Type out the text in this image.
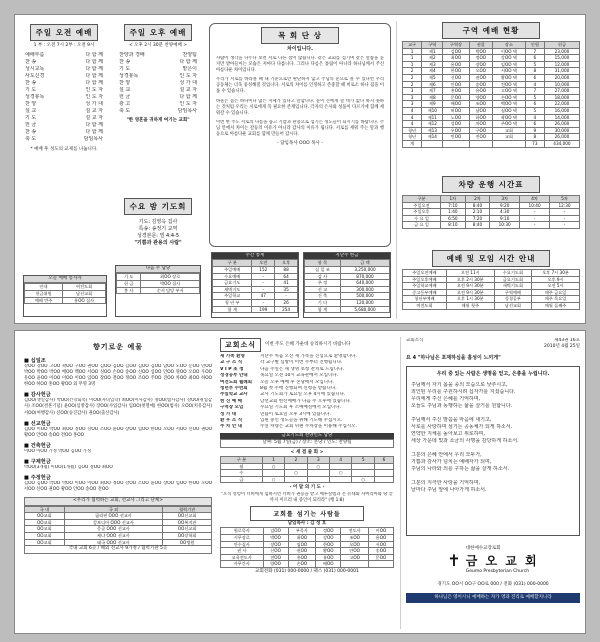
주일 오전 예배
1 부 : 오전 7시 2부 : 오전 9시
예배부름	다 함 께
찬 송	다 함 께
성시교독	다 함 께
사도신경	다 함 께
찬 송	다 함 께
기 도	인 도 자
성경봉독	인 도 자
찬 양	성 가 대
설 교	설 교 자
기 도	설 교 자
헌 금	다 함 께
찬 송	다 함 께
축 도	담임목사
* 예배 후 성도의 교제를 나눕니다.
주일 오후 예배
< 오후 2시 30분 찬양예배 >
찬양과 경배	찬양팀
찬 송	다 함 께
기 도	맡은이
성경봉독	인 도 자
찬 양	성 가 대
설 교	설 교 자
헌 금	다 함 께
광 고	인 도 자
축 도	담임목사
"한 영혼을 귀하게 여기는 교회"
수요 밤 기도회
기도: 김영옥 집사
특송: 송정기 교역
성경본문: 빌 4:4-5
"기쁨과 관용의 사람"
오늘 예배 봉사자
안내	여전도회
헌금위원	남선교회
예배 반주	홍OO 집사
다음 주 담당
기 도	최OO 장로
헌 금	박OO 집사
봉 사	순서 담당 부서
목 회 단 상
차이입니다.

사람이 생각을 나누다 보면 서로 다른 점이 많습니다. 같은 교회를 섬기며 같은 말씀을 듣지만 받아들이는 모습은 저마다 다릅니다. 그러나 다름은 틀림이 아니라 하나님께서 주신 아름다운 차이입니다.

우리가 서로를 바라볼 때 내 기준으로만 판단하지 않고 주님의 눈으로 볼 수 있다면 우리 공동체는 더욱 풍성해질 것입니다. 서로의 차이를 인정하고 존중할 때 비로소 하나 됨을 이룰 수 있습니다.

바울은 몸은 하나이나 많은 지체가 있다고 말합니다. 눈이 손에게 쓸 데가 없다 하지 못하는 것처럼 우리는 서로에게 꼭 필요한 존재입니다. 각자의 은사와 성품이 다르기에 함께 세워갈 수 있습니다.

이번 한 주도 서로의 다름을 품고 기쁨과 관용으로 섬기는 성도들이 되시기를 바랍니다. 주님 안에서 차이는 갈등의 이유가 아니라 감사의 이유가 됩니다. 서로를 세워 주는 말과 행동으로 아름다운 교회를 함께 만들어 갑시다.

- 담임목사 OOO 목사 -
주간 통계
구 분	오전	오후
주일예배	152	88
수요예배	-	64
금요기도	-	41
새벽기도	-	35
주일학교	47	-
청 년 부	-	26
합 계	199	254
지난주 헌금
항 목	금 액
십 일 조	3,250,000
감 사	870,000
주 정	640,000
선 교	300,000
건 축	500,000
기 타	120,000
합 계	5,680,000
구역 예배 현황
교구	구역	구역장	권찰	장소	인원	헌금
1	제1	김OO	박OO	이OO 댁	7	23,000
1	제2	최OO	정OO	강OO 댁	6	15,000
1	제3	윤OO	장OO	임OO 댁	5	12,000
2	제4	한OO	오OO	서OO 댁	8	31,000
2	제5	신OO	권OO	황OO 댁	6	20,000
2	제6	안OO	송OO	전OO 댁	4	10,000
3	제7	홍OO	유OO	고OO 댁	7	27,000
3	제8	문OO	양OO	손OO 댁	5	18,000
3	제9	배OO	조OO	백OO 댁	6	22,000
4	제10	허OO	남OO	심OO 댁	5	16,000
4	제11	노OO	하OO	곽OO 댁	4	14,000
4	제12	성OO	차OO	주OO 댁	6	26,000
청년	제13	우OO	구OO	교회	9	30,000
청년	제14	민OO	진OO	교회	8	26,000
계					73	434,000
차량 운행 시간표
구분	1차	2차	3차	4차	5차
주일오전	7:10	8:40	9:20	10:40	12:30
주일오후	1:40	2:10	4:30	-	-
수 요 일	6:50	7:20	9:10	-	-
금 요 일	8:10	8:40	10:30	-	-
예배 및 모임 시간 안내
주일오전예배	오전 11시	수요기도회	오후 7시 30분
주일오후예배	오후 2시 30분	금요기도회	오후 9시
주일학교예배	오전 9시 30분	새벽기도회	오전 5시
중고등부예배	오전 9시 30분	구역예배	매주 금요일
청년부예배	오후 1시 30분	성경공부	매주 목요일
여전도회	매월 첫주	남선교회	매월 둘째주
향기로운 예물
■ 십일조

강OO 강OO 고OO 곽OO 구OO 권OO 김OO 김OO 김OO 김OO 김OO 남OO 노OO 문OO 민OO 박OO 박OO 박OO 배OO 백OO 서OO 성OO 손OO 송OO 신OO 심OO 안OO 양OO 오OO 우OO 유OO 윤OO 이OO 이OO 이OO 임OO 장OO 전OO 정OO 조OO 주OO 진OO 차OO 최OO 하OO 한OO 허OO 홍OO 황OO 외 무명 3명

■ 감사헌금

김OO(생일감사) 박OO(건강회복) 이OO(자녀입학) 최OO(이사감사) 정OO(범사감사) 강OO(취업감사) 조OO(결혼기념) 윤OO(심방감사) 장OO(사업감사) 임OO(첫열매) 한OO(범사) 오OO(치유감사) 서OO(여행감사) 신OO(승진감사) 권OO(출산감사)

■ 선교헌금

김OO 이OO 박OO 최OO 정OO 강OO 조OO 윤OO 장OO 임OO 한OO 오OO 서OO 신OO 권OO 황OO 안OO 송OO 전OO 홍OO

■ 건축헌금

이OO 이OO 가정 박OO 김OO 가정

■ 구제헌금

박OO(3개월) 이OO(1개월) 김OO 정OO 최OO

■ 주정헌금

김OO 김OO 박OO 박OO 이OO 이OO 최OO 정OO 강OO 조OO 윤OO 장OO 임OO 한OO 오OO 서OO 신OO 권OO 황OO 안OO 송OO 전OO

<우리가 협력하는 교회, 선교사 그리고 단체>
국 내	국 외	협력기관
OO교회	필리핀 OOO 선교사	OO선교회
OO교회	캄보디아 OOO 선교사	OO복지관
OO교회	몽골 OOO 선교사	OO선교회
OO교회	케냐 OOO 선교사	OO장학회
OO교회	태국 OOO 선교사	OO병원
국내 교회 6곳 / 해외 선교사 9가정 / 협력기관 5곳
교회소식	이번 주도 은혜 가운데 승리하시기 바랍니다
새 가족 환영	지난주 처음 오신 새 가족을 진심으로 환영합니다.
교 구 소 식	각 교구별 심방이 이번 주부터 진행됩니다.
V I P 초 청	다음 주일은 새 생명 초청 잔치로 드립니다.
성경공부 안내	목요일 오전 10시 교육관에서 모입니다.
여전도회 월례회 오늘 오후 예배 후 본당에서 모입니다.
청년부 수련회	8월 첫 주에 진행되며 신청을 받습니다.
주일학교 교사	교사 기도회가 토요일 오후 4시에 있습니다.
헌 신 예 배	남선교회 헌신예배가 다음 주 오후에 있습니다.
구역장 모임	수요일 기도회 후 소예배실에서 모입니다.
성 가 대	연습이 토요일 오후 3시에 있습니다.
환 우 소 식	입원 중인 성도들을 위해 기도해 주십시오.
주 차 안 내	주일 차량은 교회 뒤편 주차장을 이용해 주십시오.
금요기도회 찬양인도 담당
날짜: 5월 7일(금) / 장소: 본당 / 인도: 찬양팀
< 세 겹 줄 회 >
구 분	1	2	3	4	5	6
월	○		○			
수		○		○		
금	○				○	
- 이 달 의 기 도 -
"오직 성령이 너희에게 임하시면 너희가 권능을 받고 예루살렘과 온 유대와 사마리아와 땅 끝까지 이르러 내 증인이 되리라" (행 1:8)
교회를 섬기는 사람들
담임목사 : 김 성 호
원로목사	김OO	부목사	정OO	전도사	이OO
시무장로	박OO	최OO	강OO	조OO	윤OO
안수집사	장OO	임OO	한OO	오OO	서OO
권 사	신OO	권OO	황OO	안OO	송OO
교육전도사	전OO	홍OO	유OO	고OO	문OO
사무간사	양OO	손OO	배OO		
교회전화 (031) 000-0000 / 팩스 (031) 000-0001
교회소식	제43권 16호
2010년 4월 25일
요 4 "하나님은 포재하심을 흠성이 느끼게"
우리 중 있는 사람은 생명을 얻고, 은총을 누립니다.
주님께서 자기 몸을 종의 모습으로 낮추시고,
죄인된 우리를 구원하시려 십자가를 지셨습니다.
우리에게 주신 은혜를 기억하며,
오늘도 주님과 동행하는 삶을 살기를 원합니다.

주님께서 주신 말씀을 마음에 새기고,
서로를 사랑하며 섬기는 공동체가 되게 하소서.
연약한 지체를 돌아보고 위로하며,
세상 가운데 빛과 소금의 사명을 감당하게 하소서.

그분의 은혜 안에서 우리 모두가,
기쁨과 감사가 넘치는 예배자가 되며,
주님의 나라와 의를 구하는 삶을 살게 하소서.

그분의 지극한 사랑을 기억하며,
날마다 주님 앞에 나아가게 하소서.
✝
대한예수교장로회
금 오 교 회
Geumo Presbyterian Church
경기도 OO시 OO구 OO로 000 / 전화 (031) 000-0000
하나님은 영이시니 예배하는 자가 영과 진리로 예배할지니라
